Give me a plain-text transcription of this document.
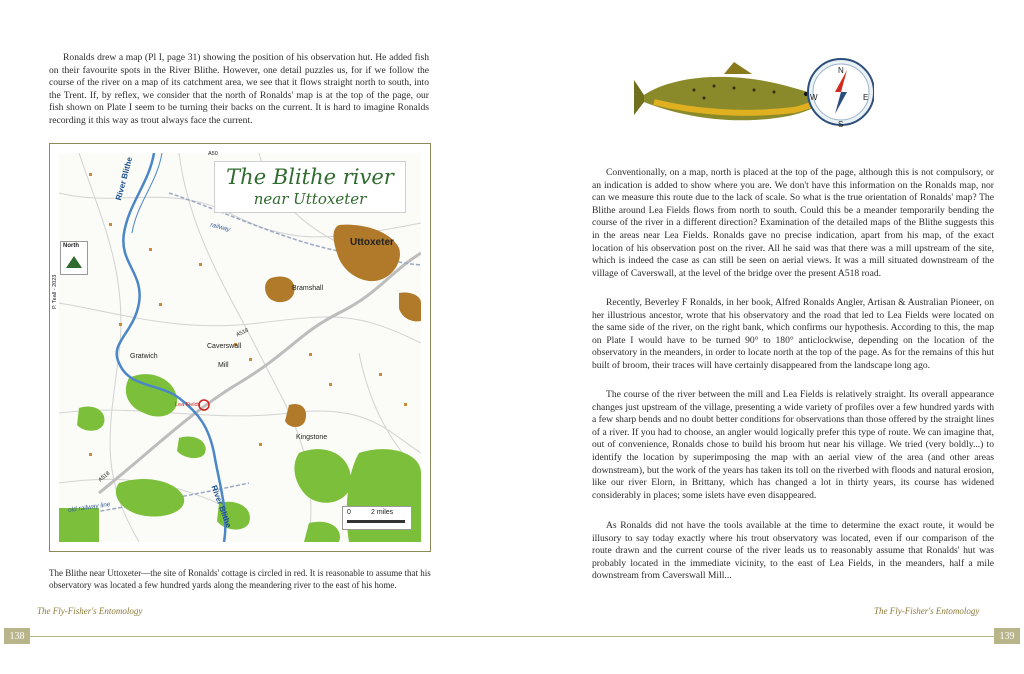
Ronalds drew a map (Pl I, page 31) showing the position of his observation hut. He added fish on their favourite spots in the River Blithe. However, one detail puzzles us, for if we follow the course of the river on a map of its catchment area, we see that it flows straight north to south, into the Trent. If, by reflex, we consider that the north of Ronalds' map is at the top of the page, our fish shown on Plate I seem to be turning their backs on the current. It is hard to imagine Ronalds recording it this way as trout always face the current.

The Blithe river
near Uttoxeter
North
P. Teall - 2023
Uttoxeter
Bramshall
Caverswall
Gratwich
Mill
Lea Fields
Kingstone
River Blithe
River Blithe
railway
old railway line
A518
A518
A50
0	2 miles

The Blithe near Uttoxeter—the site of Ronalds' cottage is circled in red. It is reasonable to assume that his observatory was located a few hundred yards along the meandering river to the east of his home.

The Fly-Fisher's Entomology
138
N
S
E
W

Conventionally, on a map, north is placed at the top of the page, although this is not compulsory, or an indication is added to show where you are. We don't have this information on the Ronalds map, nor can we measure this route due to the lack of scale. So what is the true orientation of Ronalds' map? The Blithe around Lea Fields flows from north to south. Could this be a meander temporarily bending the course of the river in a different direction? Examination of the detailed maps of the Blithe suggests this in the areas near Lea Fields. Ronalds gave no precise indication, apart from his map, of the exact location of his observation post on the river. All he said was that there was a mill upstream of the site, which is indeed the case as can still be seen on aerial views. It was a mill situated downstream of the village of Caverswall, at the level of the bridge over the present A518 road.

Recently, Beverley F Ronalds, in her book, Alfred Ronalds Angler, Artisan & Australian Pioneer, on her illustrious ancestor, wrote that his observatory and the road that led to Lea Fields were located on the same side of the river, on the right bank, which confirms our hypothesis. According to this, the map on Plate I would have to be turned 90° to 180° anticlockwise, depending on the location of the observatory in the meanders, in order to locate north at the top of the page. As for the remains of this hut built of broom, their traces will have certainly disappeared from the landscape long ago.

The course of the river between the mill and Lea Fields is relatively straight. Its overall appearance changes just upstream of the village, presenting a wide variety of profiles over a few hundred yards with a few sharp bends and no doubt better conditions for observations than those offered by the straight lines of a river. If you had to choose, an angler would logically prefer this type of route. We can imagine that, out of convenience, Ronalds chose to build his broom hut near his village. We tried (very boldly...) to identify the location by superimposing the map with an aerial view of the area (and other areas downstream), but the work of the years has taken its toll on the riverbed with floods and natural erosion, like our river Elorn, in Brittany, which has changed a lot in thirty years, its course has widened considerably in places; some islets have even disappeared.

As Ronalds did not have the tools available at the time to determine the exact route, it would be illusory to say today exactly where his trout observatory was located, even if our comparison of the route drawn and the current course of the river leads us to reasonably assume that Ronalds' hut was probably located in the immediate vicinity, to the east of Lea Fields, in the meanders, half a mile downstream from Caverswall Mill...

The Fly-Fisher's Entomology
139
